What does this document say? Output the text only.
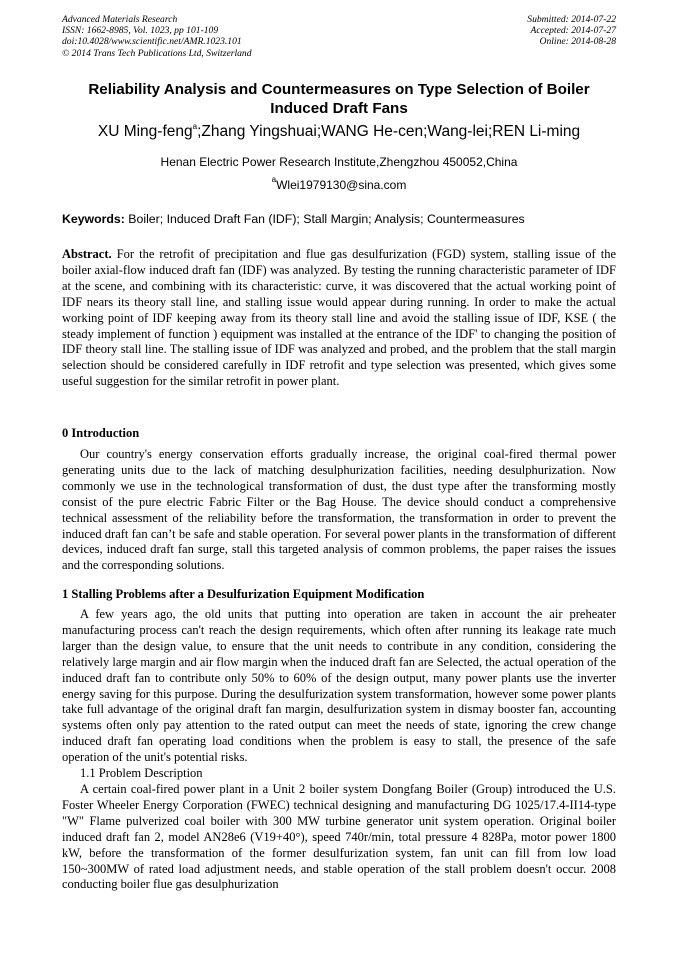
Advanced Materials Research
ISSN: 1662-8985, Vol. 1023, pp 101-109
doi:10.4028/www.scientific.net/AMR.1023.101
© 2014 Trans Tech Publications Ltd, Switzerland
Submitted: 2014-07-22
Accepted: 2014-07-27
Online: 2014-08-28
Reliability Analysis and Countermeasures on Type Selection of Boiler Induced Draft Fans
XU Ming-feng$^a$;Zhang Yingshuai;WANG He-cen;Wang-lei;REN Li-ming
Henan Electric Power Research Institute,Zhengzhou 450052,China
$^a$Wlei1979130@sina.com
Keywords: Boiler; Induced Draft Fan (IDF); Stall Margin; Analysis; Countermeasures

Abstract. For the retrofit of precipitation and flue gas desulfurization (FGD) system, stalling issue of the boiler axial-flow induced draft fan (IDF) was analyzed. By testing the running characteristic parameter of IDF at the scene, and combining with its characteristic: curve, it was discovered that the actual working point of IDF nears its theory stall line, and stalling issue would appear during running. In order to make the actual working point of IDF keeping away from its theory stall line and avoid the stalling issue of IDF, KSE ( the steady implement of function ) equipment was installed at the entrance of the IDF' to changing the position of IDF theory stall line. The stalling issue of IDF was analyzed and probed, and the problem that the stall margin selection should be considered carefully in IDF retrofit and type selection was presented, which gives some useful suggestion for the similar retrofit in power plant.

0 Introduction

Our country's energy conservation efforts gradually increase, the original coal-fired thermal power generating units due to the lack of matching desulphurization facilities, needing desulphurization. Now commonly we use in the technological transformation of dust, the dust type after the transforming mostly consist of the pure electric Fabric Filter or the Bag House. The device should conduct a comprehensive technical assessment of the reliability before the transformation, the transformation in order to prevent the induced draft fan can’t be safe and stable operation. For several power plants in the transformation of different devices, induced draft fan surge, stall this targeted analysis of common problems, the paper raises the issues and the corresponding solutions.

1 Stalling Problems after a Desulfurization Equipment Modification

A few years ago, the old units that putting into operation are taken in account the air preheater manufacturing process can't reach the design requirements, which often after running its leakage rate much larger than the design value, to ensure that the unit needs to contribute in any condition, considering the relatively large margin and air flow margin when the induced draft fan are Selected, the actual operation of the induced draft fan to contribute only 50% to 60% of the design output, many power plants use the inverter energy saving for this purpose. During the desulfurization system transformation, however some power plants take full advantage of the original draft fan margin, desulfurization system in dismay booster fan, accounting systems often only pay attention to the rated output can meet the needs of state, ignoring the crew change induced draft fan operating load conditions when the problem is easy to stall, the presence of the safe operation of the unit's potential risks.

1.1 Problem Description

A certain coal-fired power plant in a Unit 2 boiler system Dongfang Boiler (Group) introduced the U.S. Foster Wheeler Energy Corporation (FWEC) technical designing and manufacturing DG 1025/17.4-II14-type "W" Flame pulverized coal boiler with 300 MW turbine generator unit system operation. Original boiler induced draft fan 2, model AN28e6 (V19+40°), speed 740r/min, total pressure 4 828Pa, motor power 1800 kW, before the transformation of the former desulfurization system, fan unit can fill from low load 150~300MW of rated load adjustment needs, and stable operation of the stall problem doesn't occur. 2008 conducting boiler flue gas desulphurization
